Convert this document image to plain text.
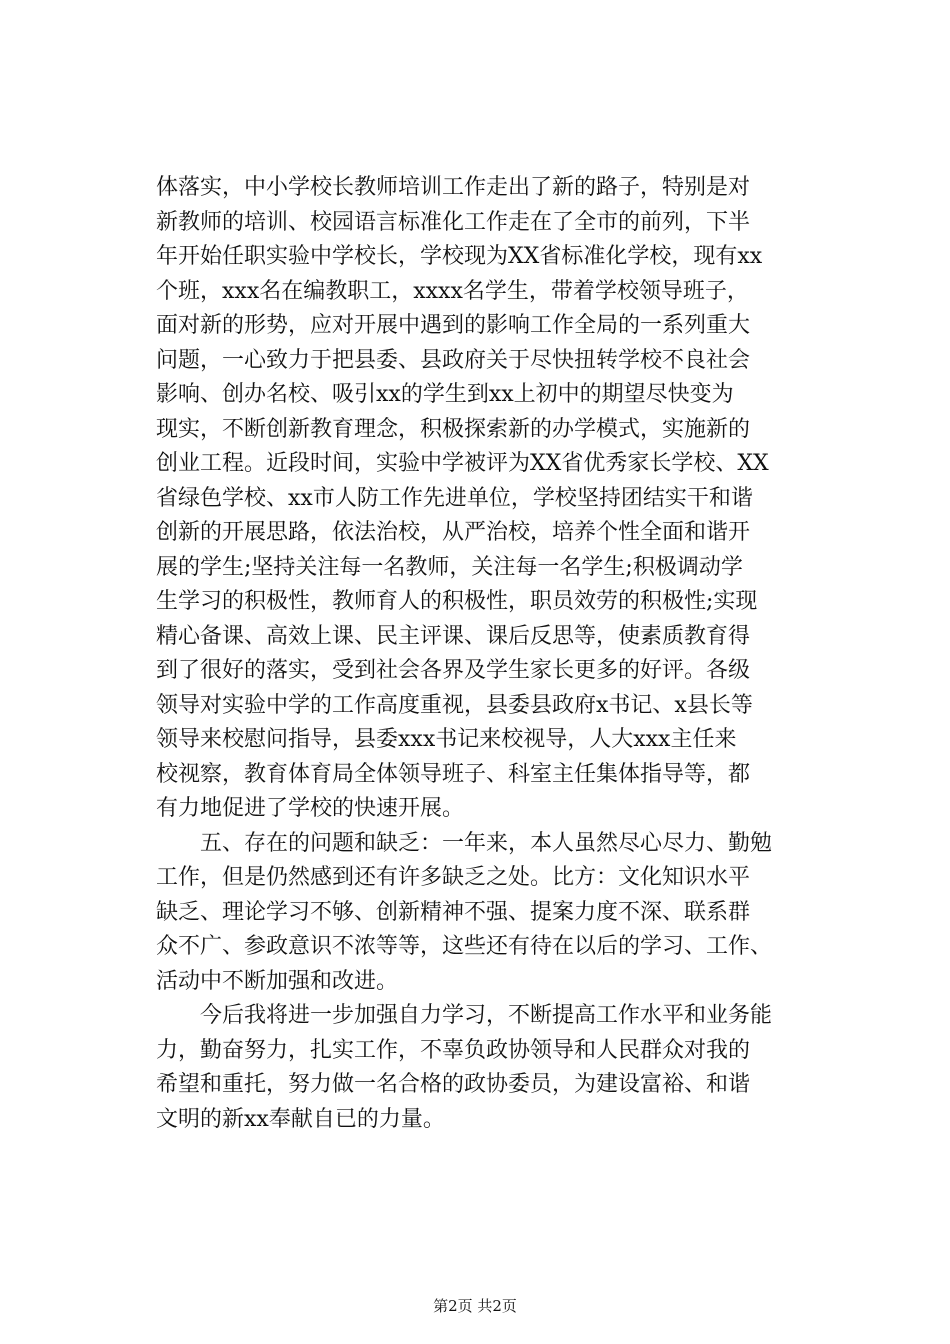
体落实，中小学校长教师培训工作走出了新的路子，特别是对
新教师的培训、校园语言标准化工作走在了全市的前列，下半
年开始任职实验中学校长，学校现为XX省标准化学校，现有xx
个班，xxx名在编教职工，xxxx名学生，带着学校领导班子，
面对新的形势，应对开展中遇到的影响工作全局的一系列重大
问题，一心致力于把县委、县政府关于尽快扭转学校不良社会
影响、创办名校、吸引xx的学生到xx上初中的期望尽快变为
现实，不断创新教育理念，积极探索新的办学模式，实施新的
创业工程。近段时间，实验中学被评为XX省优秀家长学校、XX
省绿色学校、xx市人防工作先进单位，学校坚持团结实干和谐
创新的开展思路，依法治校，从严治校，培养个性全面和谐开
展的学生;坚持关注每一名教师，关注每一名学生;积极调动学
生学习的积极性，教师育人的积极性，职员效劳的积极性;实现
精心备课、高效上课、民主评课、课后反思等，使素质教育得
到了很好的落实，受到社会各界及学生家长更多的好评。各级
领导对实验中学的工作高度重视，县委县政府x书记、x县长等
领导来校慰问指导，县委xxx书记来校视导，人大xxx主任来
校视察，教育体育局全体领导班子、科室主任集体指导等，都
有力地促进了学校的快速开展。
　　五、存在的问题和缺乏：一年来，本人虽然尽心尽力、勤勉
工作，但是仍然感到还有许多缺乏之处。比方：文化知识水平
缺乏、理论学习不够、创新精神不强、提案力度不深、联系群
众不广、参政意识不浓等等，这些还有待在以后的学习、工作、
活动中不断加强和改进。
　　今后我将进一步加强自力学习，不断提高工作水平和业务能
力，勤奋努力，扎实工作，不辜负政协领导和人民群众对我的
希望和重托，努力做一名合格的政协委员，为建设富裕、和谐
文明的新xx奉献自已的力量。
第2页 共2页
